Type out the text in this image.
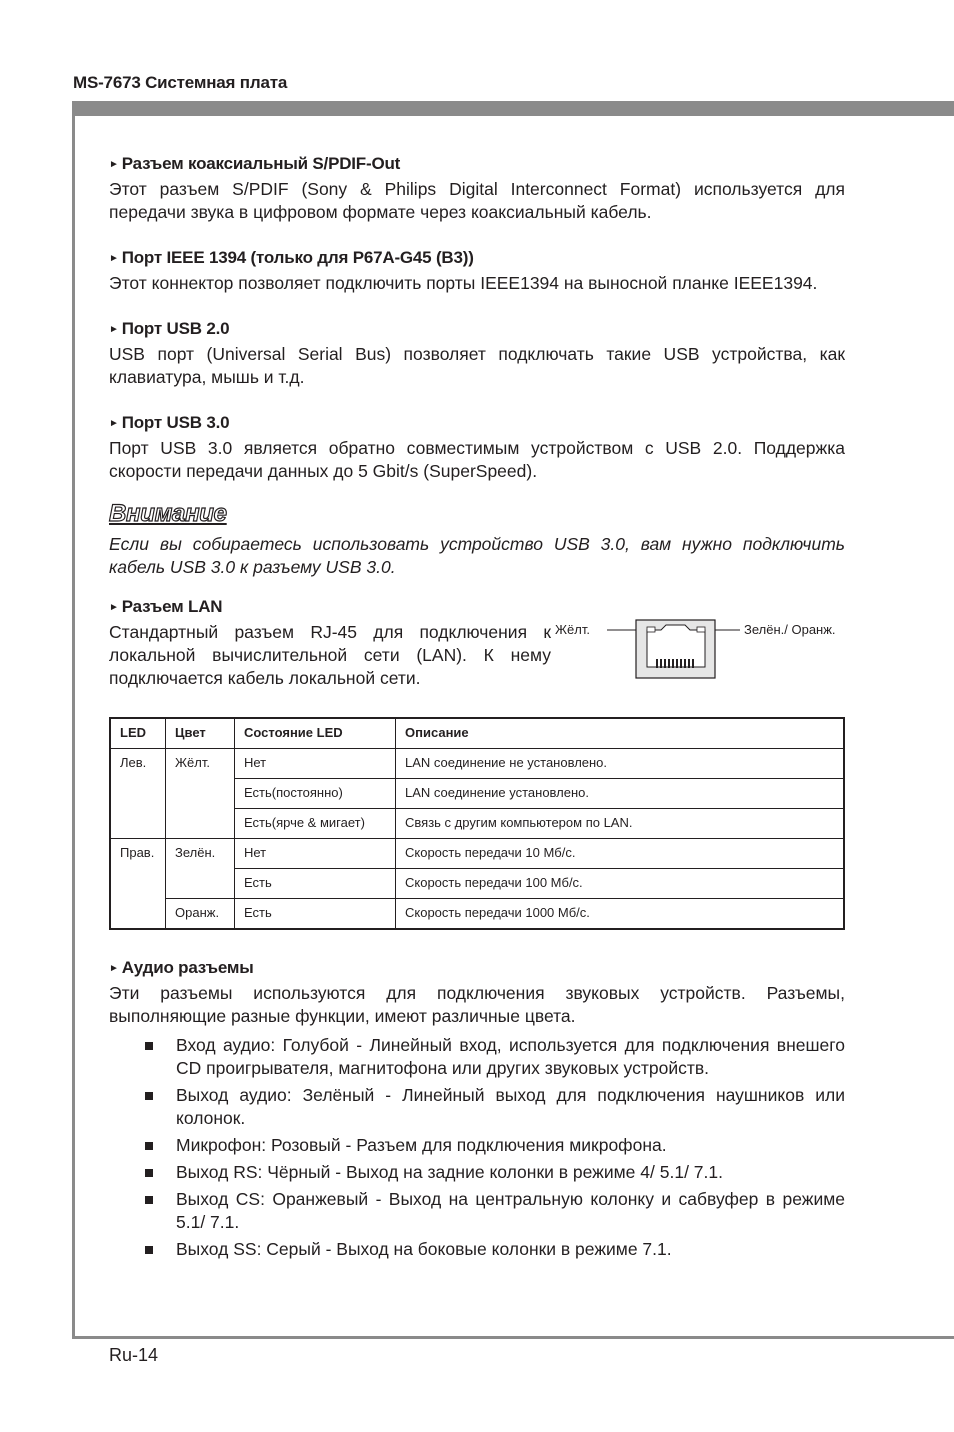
MS-7673 Системная плата
► Разъем коаксиальный S/PDIF-Out
Этот разъем S/PDIF (Sony & Philips Digital Interconnect Format) используется для передачи звука в цифровом формате через коаксиальный кабель.
► Порт IEEE 1394 (только для P67A-G45 (B3))
Этот коннектор позволяет подключить порты IEEE1394 на выносной планке IEEE1394.
► Порт USB 2.0
USB порт (Universal Serial Bus) позволяет подключать такие USB устройства, как клавиатура, мышь и т.д.
► Порт USB 3.0
Порт USB 3.0 является обратно совместимым устройством с USB 2.0. Поддержка скорости передачи данных до 5 Gbit/s (SuperSpeed).
Внимание
Если вы собираетесь использовать устройство USB 3.0, вам нужно подключить кабель USB 3.0 к разъему USB 3.0.
► Разъем LAN
Стандартный разъем RJ-45 для подключения к локальной вычислительной сети (LAN). К нему подключается кабель локальной сети.
Жёлт.	Зелён./ Оранж.
LED	Цвет	Состояние LED	Описание
Лев.	Жёлт.	Нет	LAN соединение не установлено.
		Есть(постоянно)	LAN соединение установлено.
		Есть(ярче & мигает)	Связь с другим компьютером по LAN.
Прав.	Зелён.	Нет	Скорость передачи 10 Мб/с.
		Есть	Скорость передачи 100 Мб/с.
	Оранж.	Есть	Скорость передачи 1000 Мб/с.
► Аудио разъемы
Эти разъемы используются для подключения звуковых устройств. Разъемы, выполняющие разные функции, имеют различные цвета.
Вход аудио: Голубой - Линейный вход, используется для подключения внешего CD проигрывателя, магнитофона или других звуковых устройств.
Выход аудио: Зелёный - Линейный выход для подключения наушников или колонок.
Микрофон: Розовый - Разъем для подключения микрофона.
Выход RS: Чёрный - Выход на задние колонки в режиме 4/ 5.1/ 7.1.
Выход CS: Оранжевый - Выход на центральную колонку и сабвуфер в режиме 5.1/ 7.1.
Выход SS: Серый - Выход на боковые колонки в режиме 7.1.
Ru-14
